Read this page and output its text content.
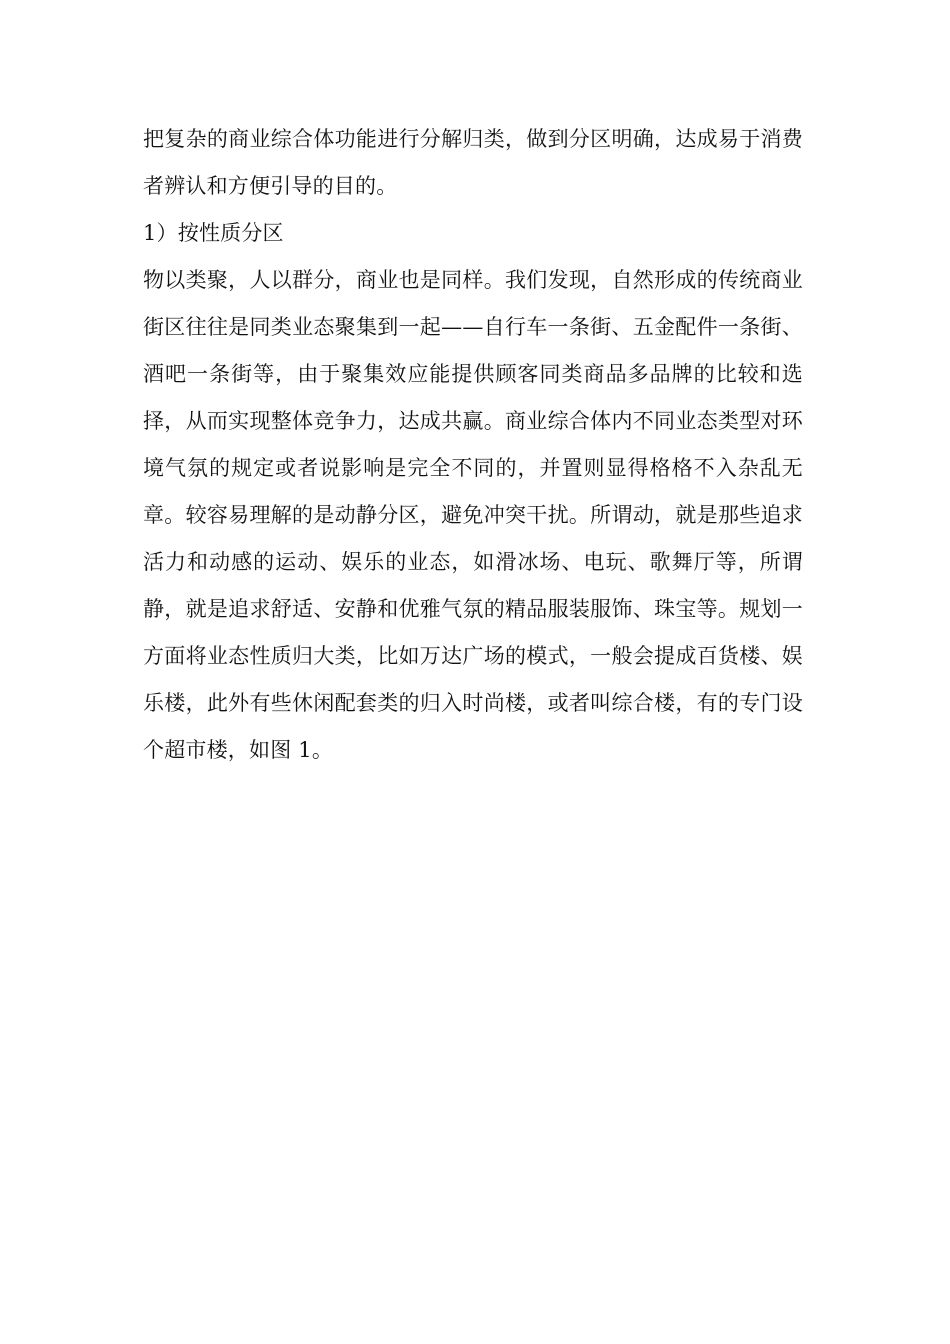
把复杂的商业综合体功能进行分解归类，做到分区明确，达成易于消费者辨认和方便引导的目的。

1）按性质分区

物以类聚，人以群分，商业也是同样。我们发现，自然形成的传统商业街区往往是同类业态聚集到一起——自行车一条街、五金配件一条街、酒吧一条街等，由于聚集效应能提供顾客同类商品多品牌的比较和选择，从而实现整体竞争力，达成共赢。商业综合体内不同业态类型对环境气氛的规定或者说影响是完全不同的，并置则显得格格不入杂乱无章。较容易理解的是动静分区，避免冲突干扰。所谓动，就是那些追求活力和动感的运动、娱乐的业态，如滑冰场、电玩、歌舞厅等，所谓静，就是追求舒适、安静和优雅气氛的精品服装服饰、珠宝等。规划一方面将业态性质归大类，比如万达广场的模式，一般会提成百货楼、娱乐楼，此外有些休闲配套类的归入时尚楼，或者叫综合楼，有的专门设个超市楼，如图 1。
